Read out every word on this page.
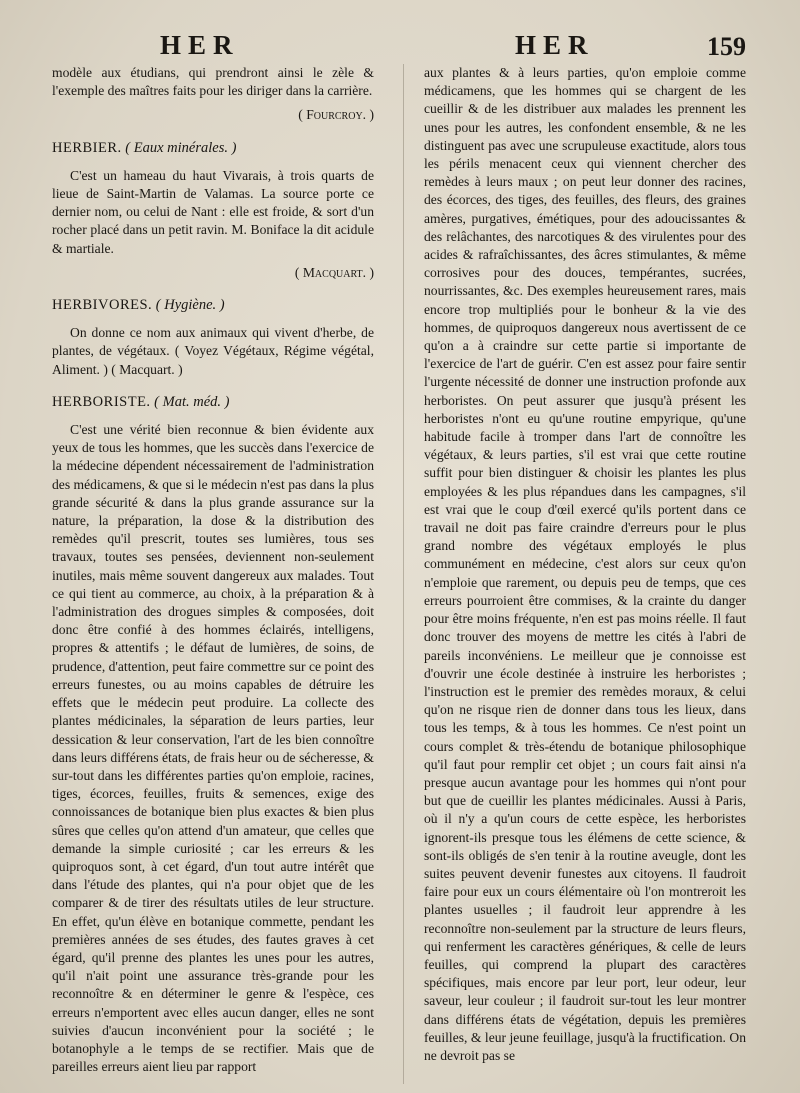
HER	HER	159

modèle aux étudians, qui prendront ainsi le zèle & l'exemple des maîtres faits pour les diriger dans la carrière.

( Fourcroy. )

HERBIER. ( Eaux minérales. )

C'est un hameau du haut Vivarais, à trois quarts de lieue de Saint-Martin de Valamas. La source porte ce dernier nom, ou celui de Nant : elle est froide, & sort d'un rocher placé dans un petit ravin. M. Boniface la dit acidule & martiale.

( Macquart. )

HERBIVORES. ( Hygiène. )

On donne ce nom aux animaux qui vivent d'herbe, de plantes, de végétaux. ( Voyez Végétaux, Régime végétal, Aliment. ) ( Macquart. )

HERBORISTE. ( Mat. méd. )

C'est une vérité bien reconnue & bien évidente aux yeux de tous les hommes, que les succès dans l'exercice de la médecine dépendent nécessairement de l'administration des médicamens, & que si le médecin n'est pas dans la plus grande sécurité & dans la plus grande assurance sur la nature, la préparation, la dose & la distribution des remèdes qu'il prescrit, toutes ses lumières, tous ses travaux, toutes ses pensées, deviennent non-seulement inutiles, mais même souvent dangereux aux malades. Tout ce qui tient au commerce, au choix, à la préparation & à l'administration des drogues simples & composées, doit donc être confié à des hommes éclairés, intelligens, propres & attentifs ; le défaut de lumières, de soins, de prudence, d'attention, peut faire commettre sur ce point des erreurs funestes, ou au moins capables de détruire les effets que le médecin peut produire. La collecte des plantes médicinales, la séparation de leurs parties, leur dessication & leur conservation, l'art de les bien connoître dans leurs différens états, de frais heur ou de sécheresse, & sur-tout dans les différentes parties qu'on emploie, racines, tiges, écorces, feuilles, fruits & semences, exige des connoissances de botanique bien plus exactes & bien plus sûres que celles qu'on attend d'un amateur, que celles que demande la simple curiosité ; car les erreurs & les quiproquos sont, à cet égard, d'un tout autre intérêt que dans l'étude des plantes, qui n'a pour objet que de les comparer & de tirer des résultats utiles de leur structure. En effet, qu'un élève en botanique commette, pendant les premières années de ses études, des fautes graves à cet égard, qu'il prenne des plantes les unes pour les autres, qu'il n'ait point une assurance très-grande pour les reconnoître & en déterminer le genre & l'espèce, ces erreurs n'emportent avec elles aucun danger, elles ne sont suivies d'aucun inconvénient pour la société ; le botanophyle a le temps de se rectifier. Mais que de pareilles erreurs aient lieu par rapport

aux plantes & à leurs parties, qu'on emploie comme médicamens, que les hommes qui se chargent de les cueillir & de les distribuer aux malades les prennent les unes pour les autres, les confondent ensemble, & ne les distinguent pas avec une scrupuleuse exactitude, alors tous les périls menacent ceux qui viennent chercher des remèdes à leurs maux ; on peut leur donner des racines, des écorces, des tiges, des feuilles, des fleurs, des graines amères, purgatives, émétiques, pour des adoucissantes & des relâchantes, des narcotiques & des virulentes pour des acides & rafraîchissantes, des âcres stimulantes, & même corrosives pour des douces, tempérantes, sucrées, nourrissantes, &c. Des exemples heureusement rares, mais encore trop multipliés pour le bonheur & la vie des hommes, de quiproquos dangereux nous avertissent de ce qu'on a à craindre sur cette partie si importante de l'exercice de l'art de guérir. C'en est assez pour faire sentir l'urgente nécessité de donner une instruction profonde aux herboristes. On peut assurer que jusqu'à présent les herboristes n'ont eu qu'une routine empyrique, qu'une habitude facile à tromper dans l'art de connoître les végétaux, & leurs parties, s'il est vrai que cette routine suffit pour bien distinguer & choisir les plantes les plus employées & les plus répandues dans les campagnes, s'il est vrai que le coup d'œil exercé qu'ils portent dans ce travail ne doit pas faire craindre d'erreurs pour le plus grand nombre des végétaux employés le plus communément en médecine, c'est alors sur ceux qu'on n'emploie que rarement, ou depuis peu de temps, que ces erreurs pourroient être commises, & la crainte du danger pour être moins fréquente, n'en est pas moins réelle. Il faut donc trouver des moyens de mettre les cités à l'abri de pareils inconvéniens. Le meilleur que je connoisse est d'ouvrir une école destinée à instruire les herboristes ; l'instruction est le premier des remèdes moraux, & celui qu'on ne risque rien de donner dans tous les lieux, dans tous les temps, & à tous les hommes. Ce n'est point un cours complet & très-étendu de botanique philosophique qu'il faut pour remplir cet objet ; un cours fait ainsi n'a presque aucun avantage pour les hommes qui n'ont pour but que de cueillir les plantes médicinales. Aussi à Paris, où il n'y a qu'un cours de cette espèce, les herboristes ignorent-ils presque tous les élémens de cette science, & sont-ils obligés de s'en tenir à la routine aveugle, dont les suites peuvent devenir funestes aux citoyens. Il faudroit faire pour eux un cours élémentaire où l'on montreroit les plantes usuelles ; il faudroit leur apprendre à les reconnoître non-seulement par la structure de leurs fleurs, qui renferment les caractères génériques, & celle de leurs feuilles, qui comprend la plupart des caractères spécifiques, mais encore par leur port, leur odeur, leur saveur, leur couleur ; il faudroit sur-tout les leur montrer dans différens états de végétation, depuis les premières feuilles, & leur jeune feuillage, jusqu'à la fructification. On ne devroit pas se
